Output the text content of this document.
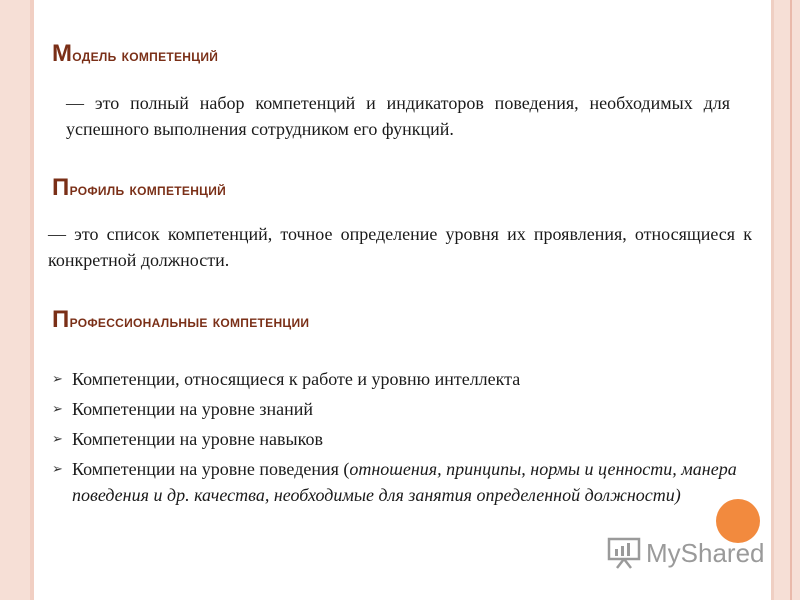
Модель компетенций

— это полный набор компетенций и индикаторов поведения, необходимых для успешного выполнения сотрудником его функций.

Профиль компетенций

— это список компетенций, точное определение уровня их проявления, относящиеся к конкретной должности.

Профессиональные компетенции
➢ Компетенции, относящиеся к работе и уровню интеллекта
➢ Компетенции на уровне знаний
➢ Компетенции на уровне навыков
➢ Компетенции на уровне поведения (отношения, принципы, нормы и ценности, манера поведения и др. качества, необходимые для занятия определенной должности)
MyShared
